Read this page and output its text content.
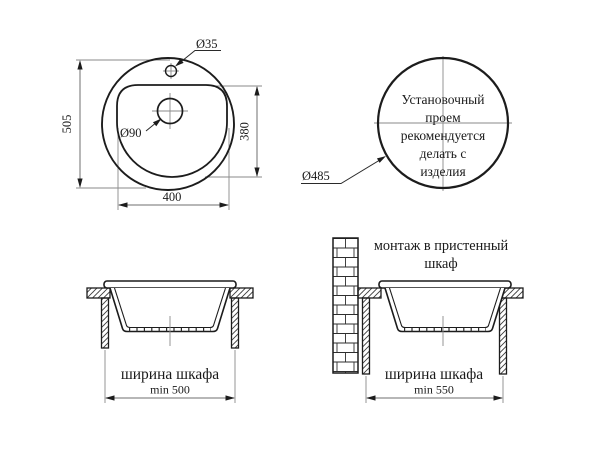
505
400
380
Ø35
Ø90
Установочный
проем
рекомендуется
делать с
изделия
Ø485
ширина шкафа
min 500
монтаж в пристенный
шкаф
ширина шкафа
min 550
